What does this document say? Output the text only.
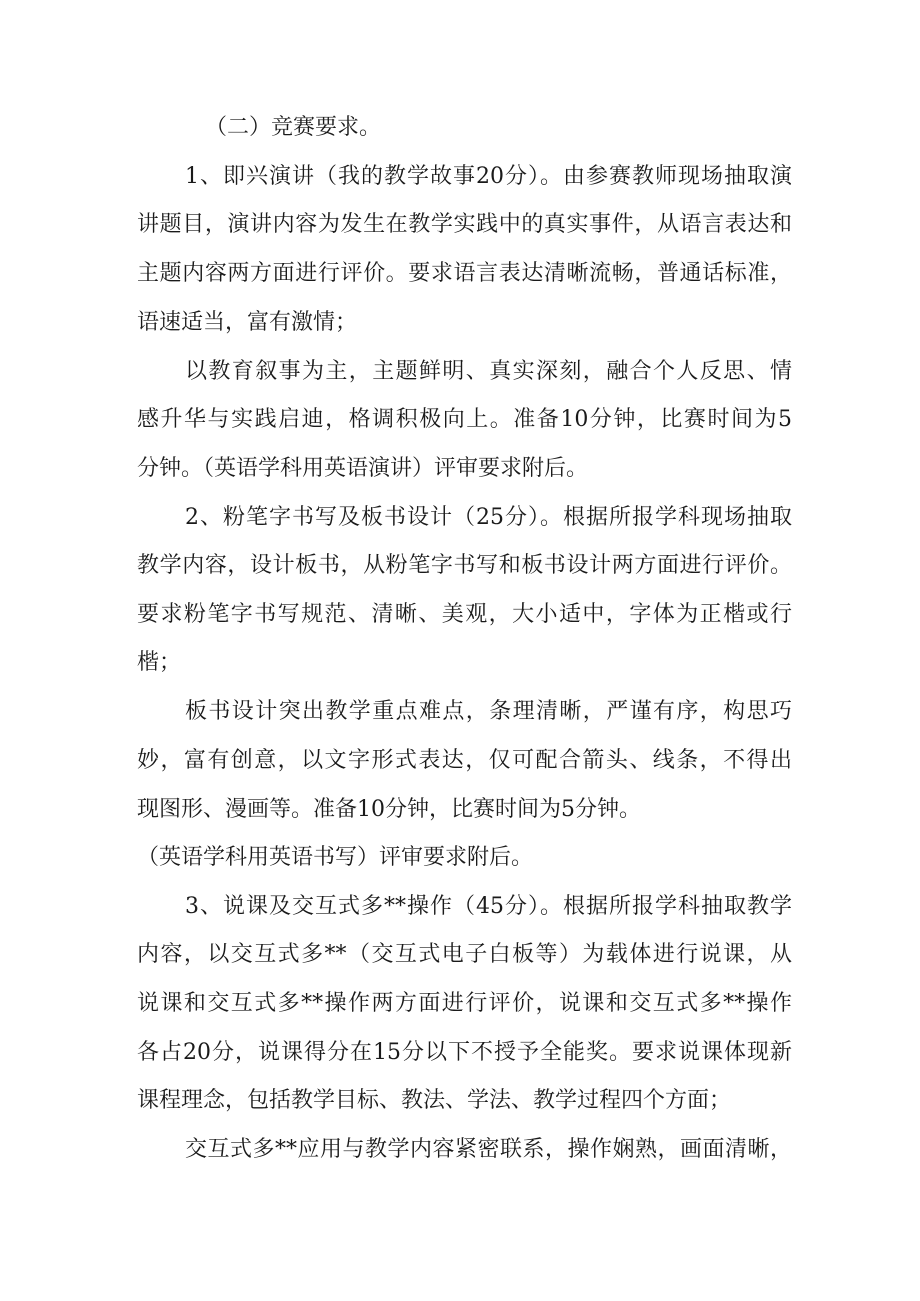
（二）竞赛要求。
1、即兴演讲（我的教学故事20分）。由参赛教师现场抽取演
讲题目，演讲内容为发生在教学实践中的真实事件，从语言表达和
主题内容两方面进行评价。要求语言表达清晰流畅，普通话标准，
语速适当，富有激情；
以教育叙事为主，主题鲜明、真实深刻，融合个人反思、情
感升华与实践启迪，格调积极向上。准备10分钟，比赛时间为5
分钟。（英语学科用英语演讲）评审要求附后。
2、粉笔字书写及板书设计（25分）。根据所报学科现场抽取
教学内容，设计板书，从粉笔字书写和板书设计两方面进行评价。
要求粉笔字书写规范、清晰、美观，大小适中，字体为正楷或行
楷；
板书设计突出教学重点难点，条理清晰，严谨有序，构思巧
妙，富有创意，以文字形式表达，仅可配合箭头、线条，不得出
现图形、漫画等。准备10分钟，比赛时间为5分钟。
（英语学科用英语书写）评审要求附后。
3、说课及交互式多**操作（45分）。根据所报学科抽取教学
内容，以交互式多**（交互式电子白板等）为载体进行说课，从
说课和交互式多**操作两方面进行评价，说课和交互式多**操作
各占20分，说课得分在15分以下不授予全能奖。要求说课体现新
课程理念，包括教学目标、教法、学法、教学过程四个方面；
交互式多**应用与教学内容紧密联系，操作娴熟，画面清晰，
